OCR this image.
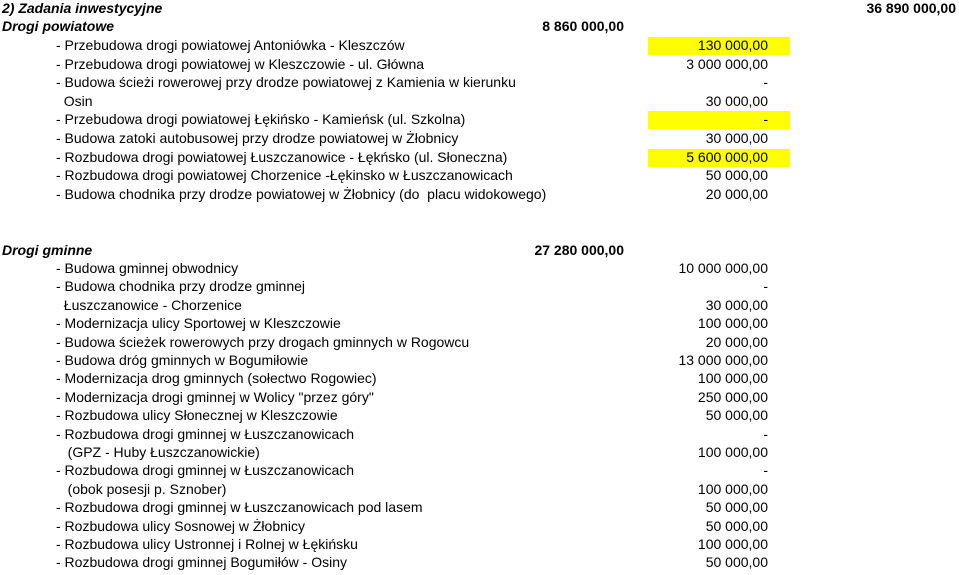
2) Zadania inwestycyjne	36 890 000,00
Drogi powiatowe	8 860 000,00
- Przebudowa drogi powiatowej Antoniówka - Kleszczów	130 000,00
- Przebudowa drogi powiatowej w Kleszczowie - ul. Główna	3 000 000,00
- Budowa ścieżi rowerowej przy drodze powiatowej z Kamienia w kierunku	-
Osin	30 000,00
- Przebudowa drogi powiatowej Łękińsko - Kamieńsk (ul. Szkolna)	-
- Budowa zatoki autobusowej przy drodze powiatowej w Żłobnicy	30 000,00
- Rozbudowa drogi powiatowej Łuszczanowice - Łękńsko (ul. Słoneczna)	5 600 000,00
- Rozbudowa drogi powiatowej Chorzenice -Łękinsko w Łuszczanowicach	50 000,00
- Budowa chodnika przy drodze powiatowej w Żłobnicy (do  placu widokowego)	20 000,00
Drogi gminne	27 280 000,00
- Budowa gminnej obwodnicy	10 000 000,00
- Budowa chodnika przy drodze gminnej	-
Łuszczanowice - Chorzenice	30 000,00
- Modernizacja ulicy Sportowej w Kleszczowie	100 000,00
- Budowa ścieżek rowerowych przy drogach gminnych w Rogowcu	20 000,00
- Budowa dróg gminnych w Bogumiłowie	13 000 000,00
- Modernizacja drog gminnych (sołectwo Rogowiec)	100 000,00
- Modernizacja drogi gminnej w Wolicy "przez góry"	250 000,00
- Rozbudowa ulicy Słonecznej w Kleszczowie	50 000,00
- Rozbudowa drogi gminnej w Łuszczanowicach	-
(GPZ - Huby Łuszczanowickie)	100 000,00
- Rozbudowa drogi gminnej w Łuszczanowicach	-
(obok posesji p. Sznober)	100 000,00
- Rozbudowa drogi gminnej w Łuszczanowicach pod lasem	50 000,00
- Rozbudowa ulicy Sosnowej w Żłobnicy	50 000,00
- Rozbudowa ulicy Ustronnej i Rolnej w Łękińsku	100 000,00
- Rozbudowa drogi gminnej Bogumiłów - Osiny	50 000,00
